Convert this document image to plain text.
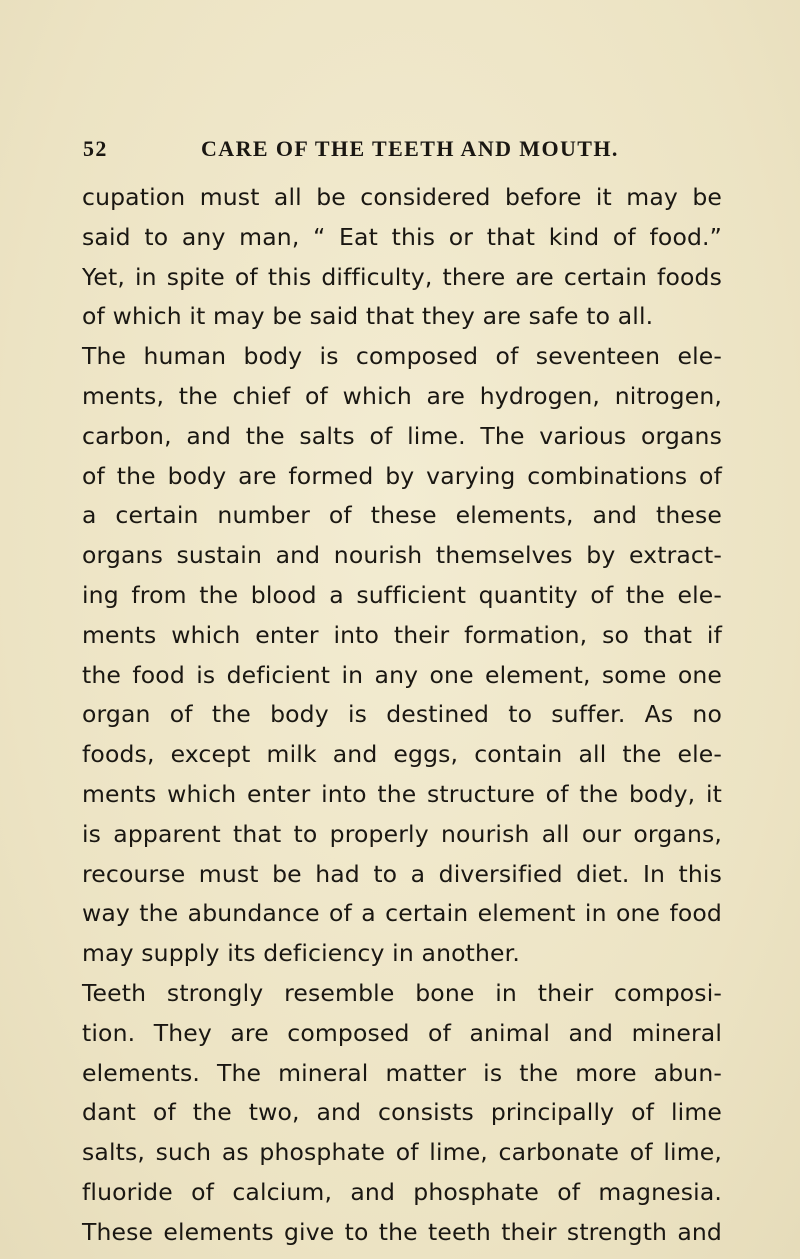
52	CARE OF THE TEETH AND MOUTH.
cupation must all be considered before it may be
said to any man, “ Eat this or that kind of food.”
Yet, in spite of this difficulty, there are certain foods
of which it may be said that they are safe to all.
The human body is composed of seventeen ele-
ments, the chief of which are hydrogen, nitrogen,
carbon, and the salts of lime. The various organs
of the body are formed by varying combinations of
a certain number of these elements, and these
organs sustain and nourish themselves by extract-
ing from the blood a sufficient quantity of the ele-
ments which enter into their formation, so that if
the food is deficient in any one element, some one
organ of the body is destined to suffer. As no
foods, except milk and eggs, contain all the ele-
ments which enter into the structure of the body, it
is apparent that to properly nourish all our organs,
recourse must be had to a diversified diet. In this
way the abundance of a certain element in one food
may supply its deficiency in another.
Teeth strongly resemble bone in their composi-
tion. They are composed of animal and mineral
elements. The mineral matter is the more abun-
dant of the two, and consists principally of lime
salts, such as phosphate of lime, carbonate of lime,
fluoride of calcium, and phosphate of magnesia.
These elements give to the teeth their strength and
